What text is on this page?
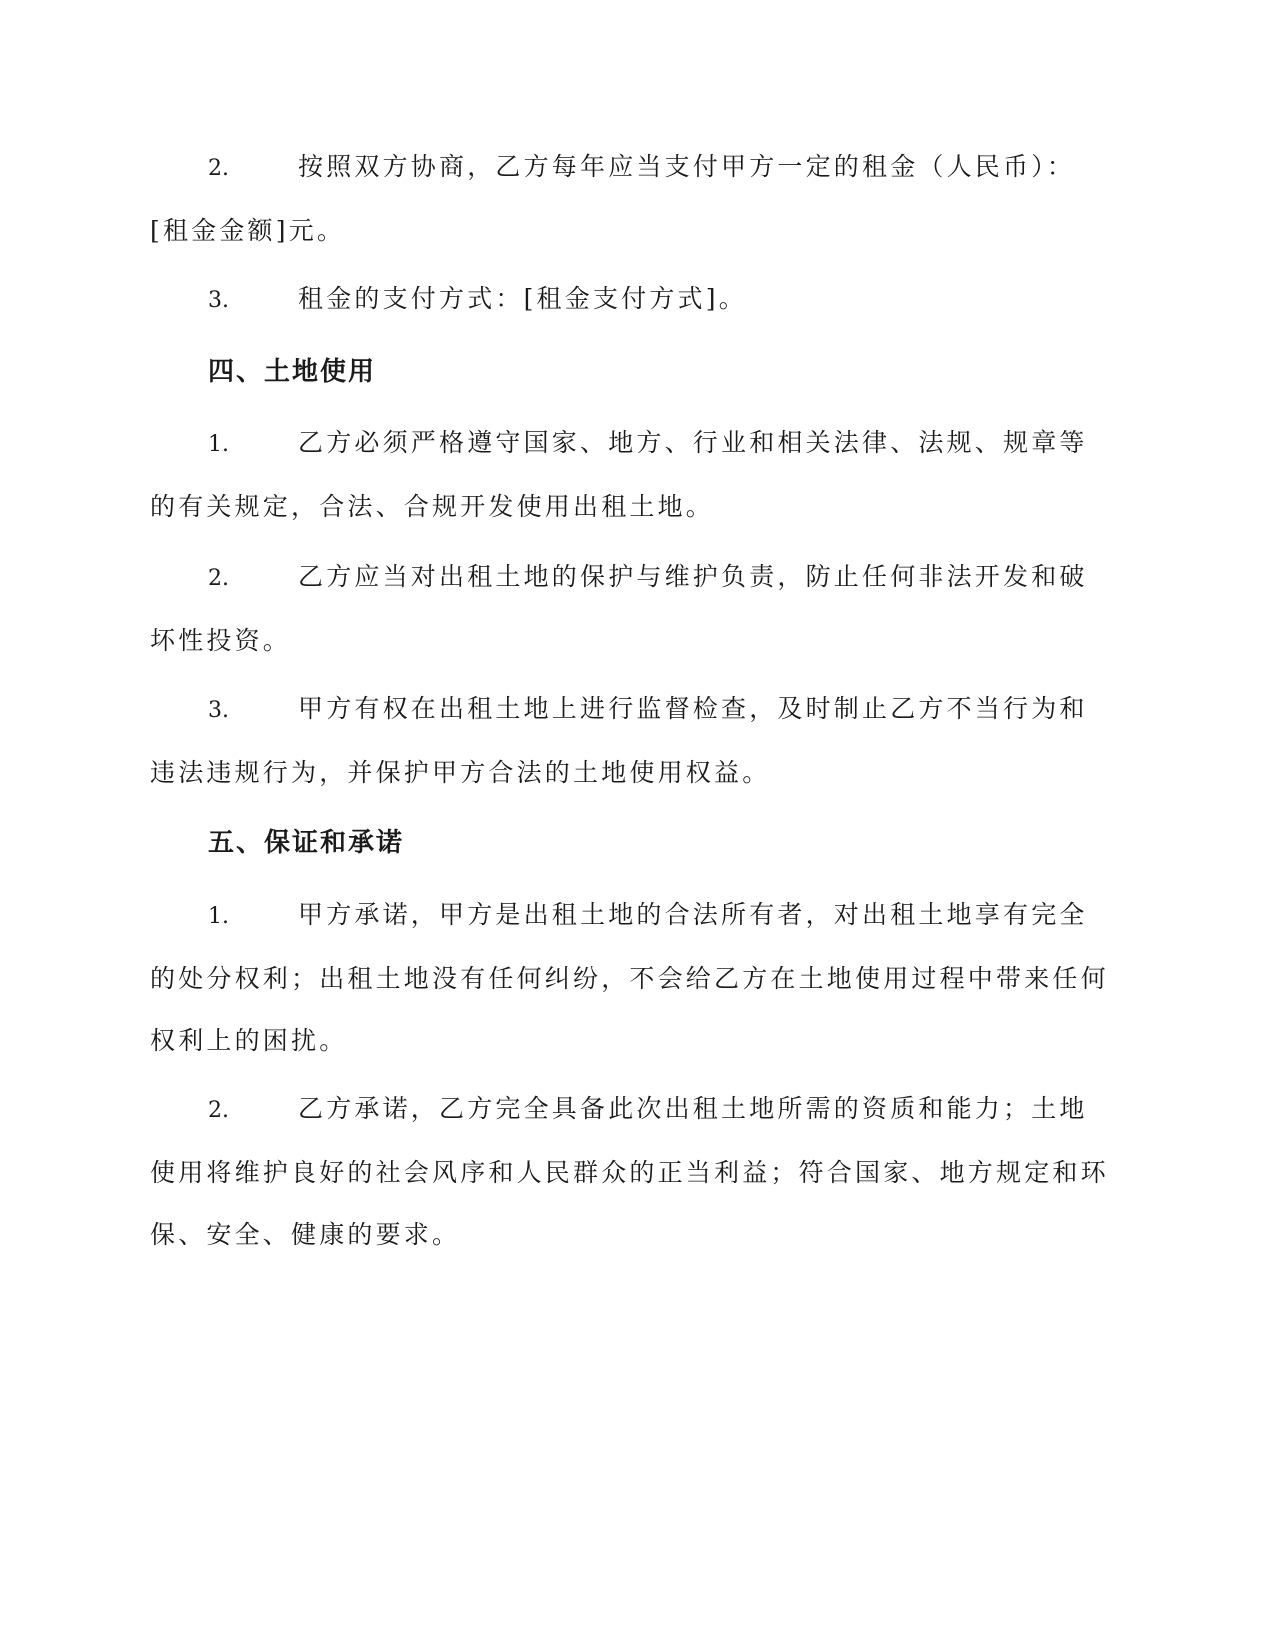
2.	按照双方协商，乙方每年应当支付甲方一定的租金（人民币）：[租金金额]元。

3.	租金的支付方式：[租金支付方式]。

四、土地使用

1.	乙方必须严格遵守国家、地方、行业和相关法律、法规、规章等的有关规定，合法、合规开发使用出租土地。

2.	乙方应当对出租土地的保护与维护负责，防止任何非法开发和破坏性投资。

3.	甲方有权在出租土地上进行监督检查，及时制止乙方不当行为和违法违规行为，并保护甲方合法的土地使用权益。

五、保证和承诺

1.	甲方承诺，甲方是出租土地的合法所有者，对出租土地享有完全的处分权利；出租土地没有任何纠纷，不会给乙方在土地使用过程中带来任何权利上的困扰。

2.	乙方承诺，乙方完全具备此次出租土地所需的资质和能力；土地使用将维护良好的社会风序和人民群众的正当利益；符合国家、地方规定和环保、安全、健康的要求。
